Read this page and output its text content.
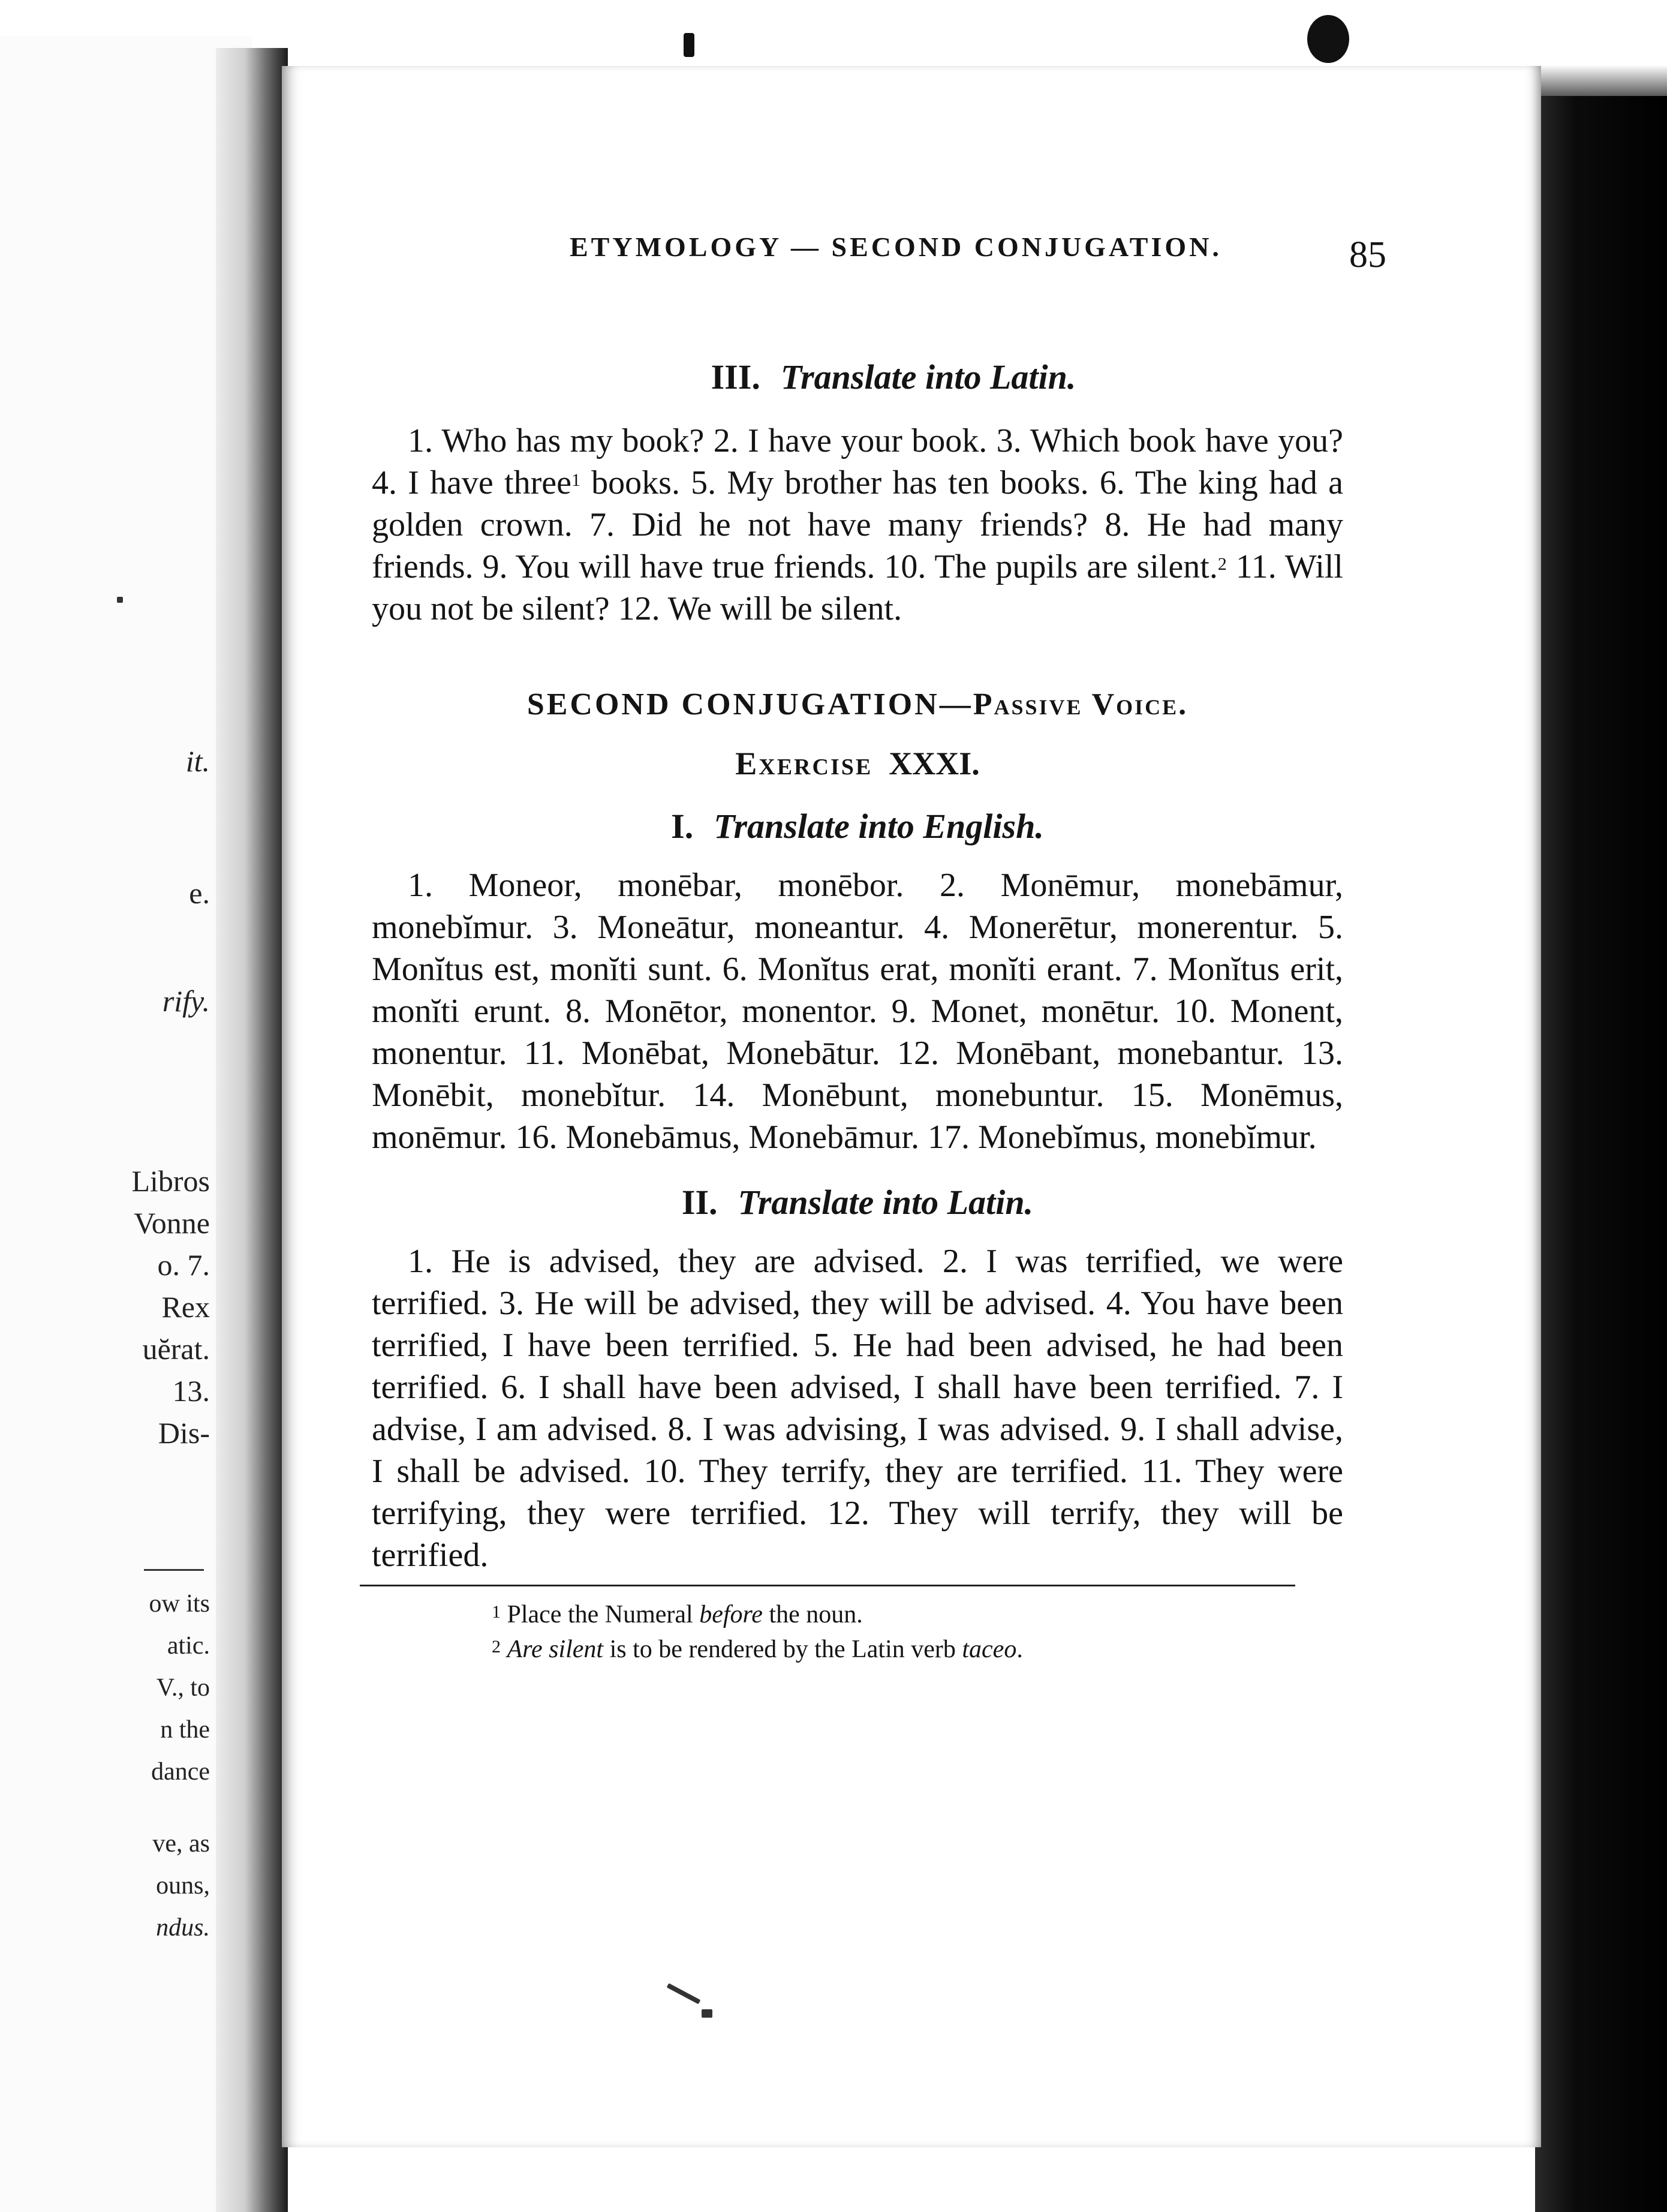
it.
e.
rify.
Libros
Vonne
o. 7.
Rex
uĕrat.
13.
Dis-
ow its
atic.
V., to
n the
dance
ve, as
ouns,
ndus.
ETYMOLOGY — SECOND CONJUGATION.	85
III. Translate into Latin.

1. Who has my book? 2. I have your book. 3. Which book have you? 4. I have three$^1$ books. 5. My brother has ten books. 6. The king had a golden crown. 7. Did he not have many friends? 8. He had many friends. 9. You will have true friends. 10. The pupils are silent.$^2$ 11. Will you not be silent? 12. We will be silent.

SECOND CONJUGATION—Passive Voice.
Exercise XXXI.
I. Translate into English.

1. Moneor, monēbar, monēbor. 2. Monēmur, monebāmur, monebĭmur. 3. Moneātur, moneantur. 4. Monerētur, monerentur. 5. Monĭtus est, monĭti sunt. 6. Monĭtus erat, monĭti erant. 7. Monĭtus erit, monĭti erunt. 8. Monētor, monentor. 9. Monet, monētur. 10. Monent, monentur. 11. Monēbat, Monebātur. 12. Monēbant, monebantur. 13. Monēbit, monebĭtur. 14. Monēbunt, monebuntur. 15. Monēmus, monēmur. 16. Monebāmus, Monebāmur. 17. Monebĭmus, monebĭmur.

II. Translate into Latin.

1. He is advised, they are advised. 2. I was terrified, we were terrified. 3. He will be advised, they will be advised. 4. You have been terrified, I have been terrified. 5. He had been advised, he had been terrified. 6. I shall have been advised, I shall have been terrified. 7. I advise, I am advised. 8. I was advising, I was advised. 9. I shall advise, I shall be advised. 10. They terrify, they are terrified. 11. They were terrifying, they were terrified. 12. They will terrify, they will be terrified.

$^1$ Place the Numeral before the noun.

$^2$ Are silent is to be rendered by the Latin verb taceo.
